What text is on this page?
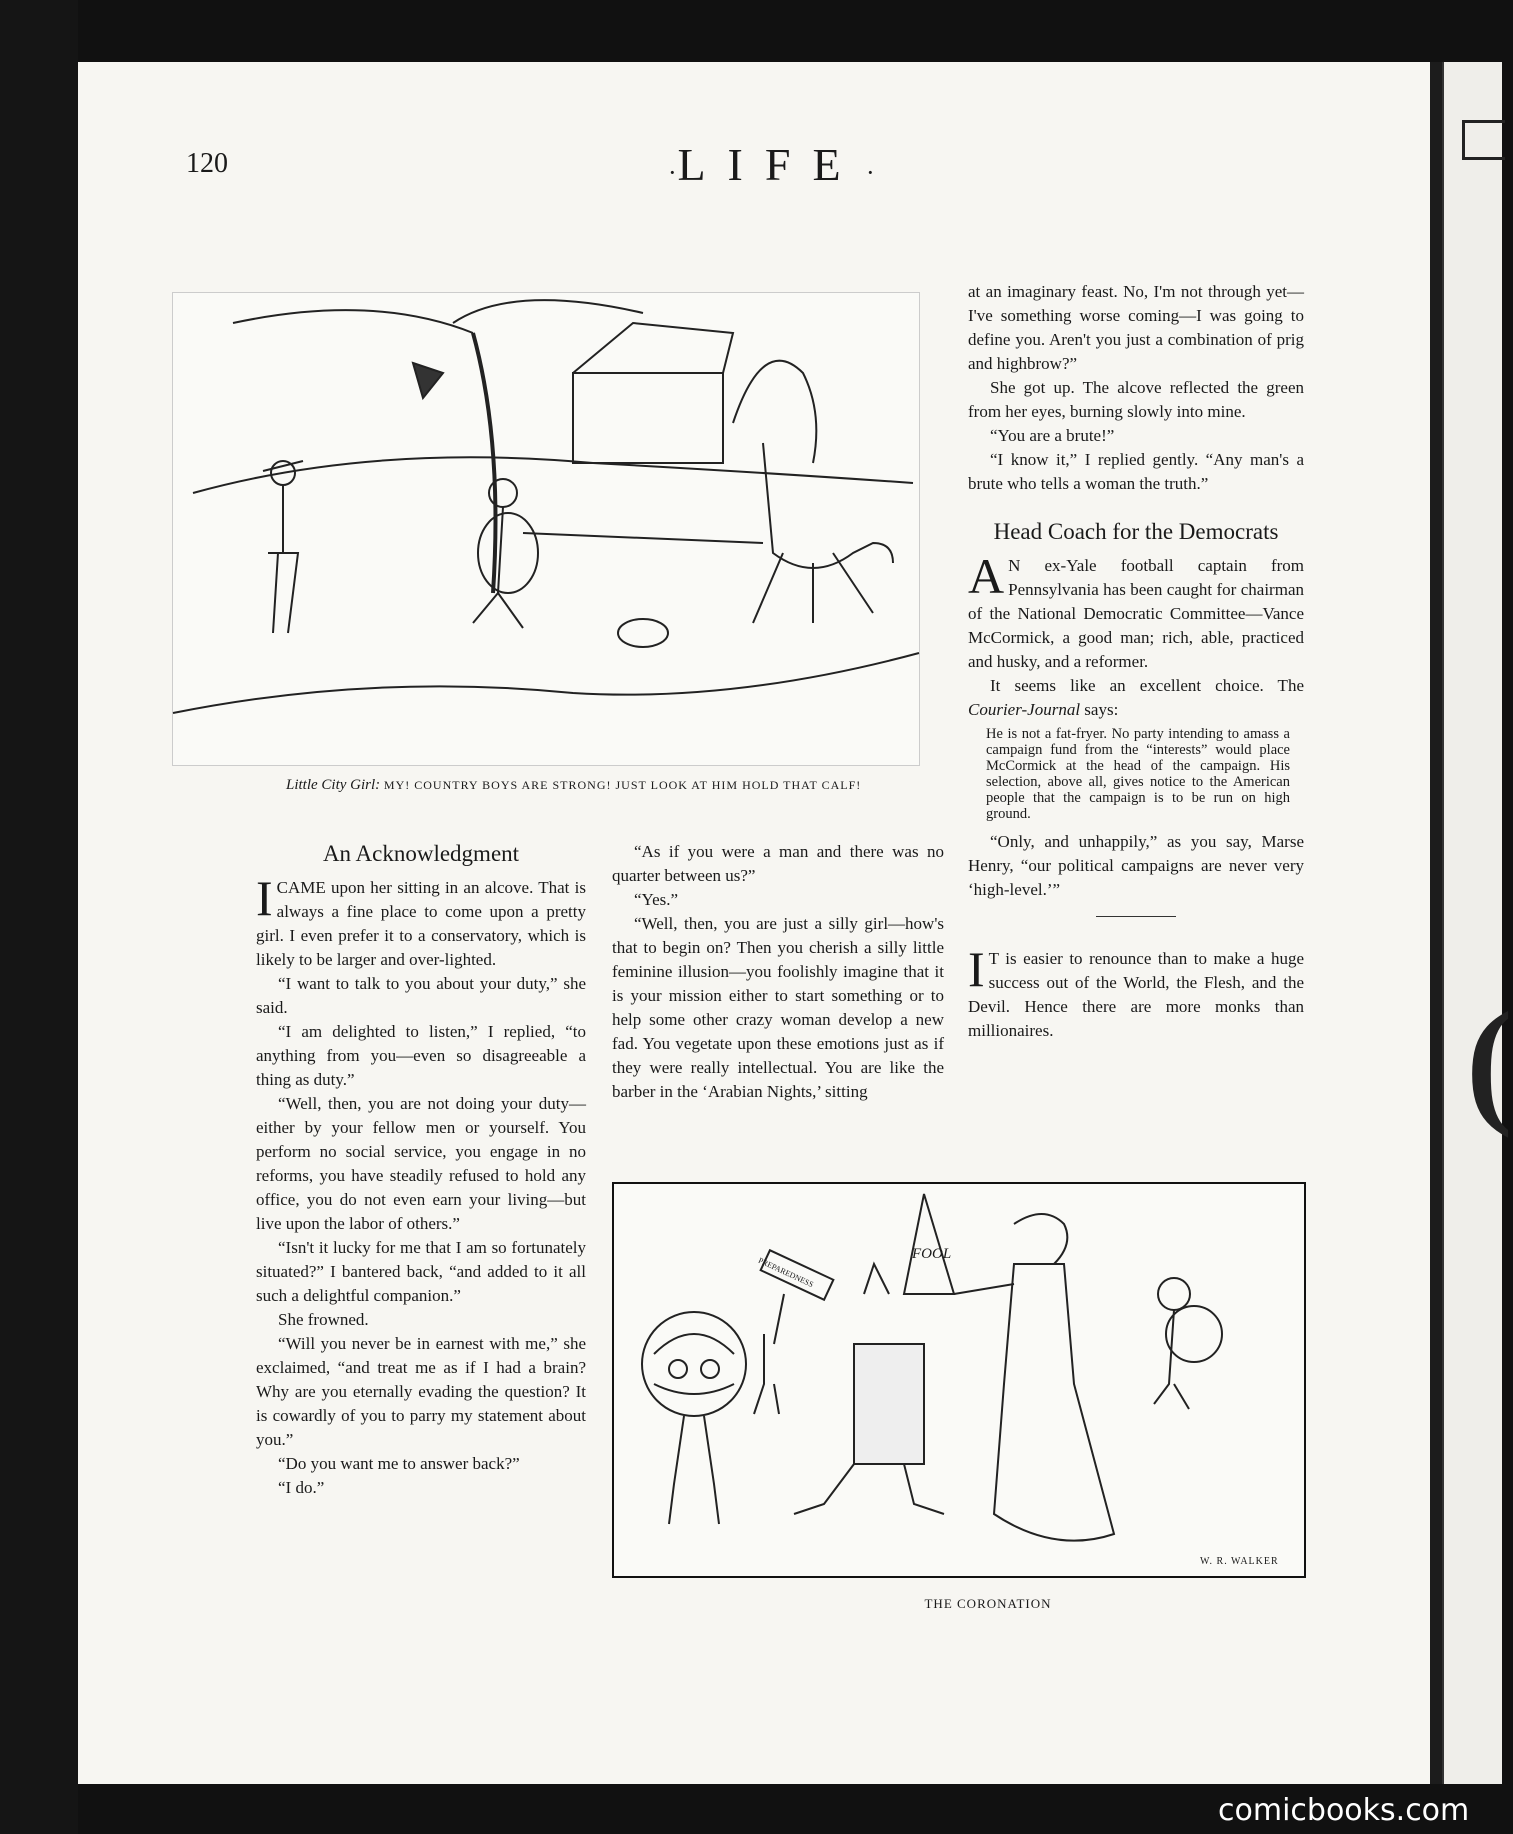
(
120	· LIFE ·
Little City Girl: MY! COUNTRY BOYS ARE STRONG! JUST LOOK AT HIM HOLD THAT CALF!
An Acknowledgment

ICAME upon her sitting in an alcove. That is always a fine place to come upon a pretty girl. I even prefer it to a conservatory, which is likely to be larger and over-lighted.

“I want to talk to you about your duty,” she said.

“I am delighted to listen,” I replied, “to anything from you—even so disagreeable a thing as duty.”

“Well, then, you are not doing your duty—either by your fellow men or yourself. You perform no social service, you engage in no reforms, you have steadily refused to hold any office, you do not even earn your living—but live upon the labor of others.”

“Isn't it lucky for me that I am so fortunately situated?” I bantered back, “and added to it all such a delightful companion.”

She frowned.

“Will you never be in earnest with me,” she exclaimed, “and treat me as if I had a brain? Why are you eternally evading the question? It is cowardly of you to parry my statement about you.”

“Do you want me to answer back?”

“I do.”

“As if you were a man and there was no quarter between us?”

“Yes.”

“Well, then, you are just a silly girl—how's that to begin on? Then you cherish a silly little feminine illusion—you foolishly imagine that it is your mission either to start something or to help some other crazy woman develop a new fad. You vegetate upon these emotions just as if they were really intellectual. You are like the barber in the ‘Arabian Nights,’ sitting

at an imaginary feast. No, I'm not through yet—I've something worse coming—I was going to define you. Aren't you just a combination of prig and highbrow?”

She got up. The alcove reflected the green from her eyes, burning slowly into mine.

“You are a brute!”

“I know it,” I replied gently. “Any man's a brute who tells a woman the truth.”

Head Coach for the Democrats

A N ex-Yale football captain from Pennsylvania has been caught for chairman of the National Democratic Committee—Vance McCormick, a good man; rich, able, practiced and husky, and a reformer.

It seems like an excellent choice. The Courier-Journal says:

He is not a fat-fryer. No party intending to amass a campaign fund from the “interests” would place McCormick at the head of the campaign. His selection, above all, gives notice to the American people that the campaign is to be run on high ground.

“Only, and unhappily,” as you say, Marse Henry, “our political campaigns are never very ‘high-level.’”

I T is easier to renounce than to make a huge success out of the World, the Flesh, and the Devil. Hence there are more monks than millionaires.

FOOL
PREPAREDNESS
W. R. WALKER
THE CORONATION
comicbooks.com
